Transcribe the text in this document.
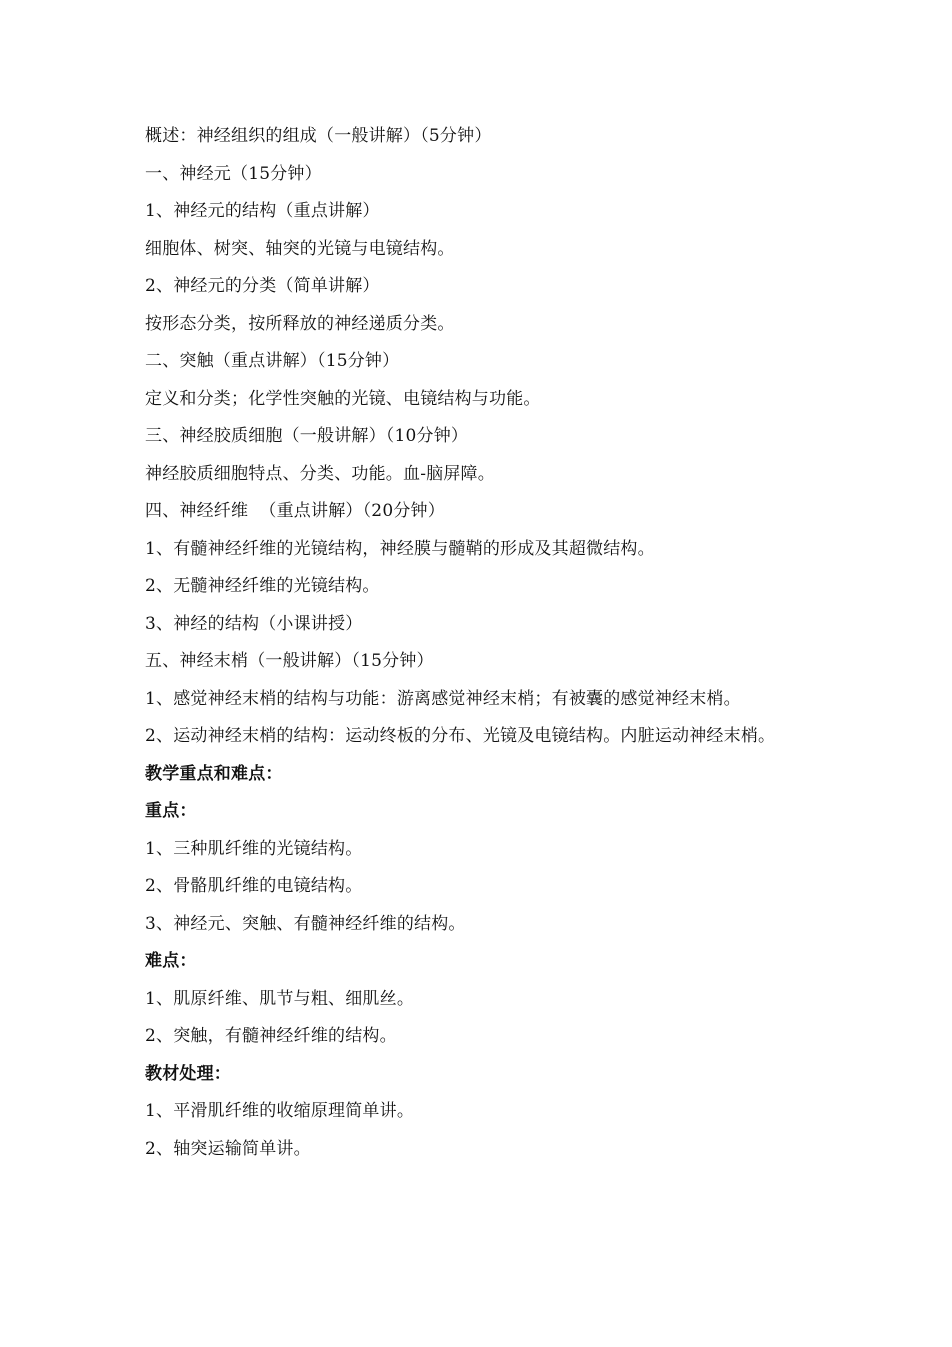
概述：神经组织的组成（一般讲解）（5分钟）
一、神经元（15分钟）
1、神经元的结构（重点讲解）
细胞体、树突、轴突的光镜与电镜结构。
2、神经元的分类（简单讲解）
按形态分类，按所释放的神经递质分类。
二、突触（重点讲解）（15分钟）
定义和分类；化学性突触的光镜、电镜结构与功能。
三、神经胶质细胞（一般讲解）（10分钟）
神经胶质细胞特点、分类、功能。血-脑屏障。
四、神经纤维  （重点讲解）（20分钟）
1、有髓神经纤维的光镜结构，神经膜与髓鞘的形成及其超微结构。
2、无髓神经纤维的光镜结构。
3、神经的结构（小课讲授）
五、神经末梢（一般讲解）（15分钟）
1、感觉神经末梢的结构与功能：游离感觉神经末梢；有被囊的感觉神经末梢。
2、运动神经末梢的结构：运动终板的分布、光镜及电镜结构。内脏运动神经末梢。
教学重点和难点：
重点：
1、三种肌纤维的光镜结构。
2、骨骼肌纤维的电镜结构。
3、神经元、突触、有髓神经纤维的结构。
难点：
1、肌原纤维、肌节与粗、细肌丝。
2、突触，有髓神经纤维的结构。
教材处理：
1、平滑肌纤维的收缩原理简单讲。
2、轴突运输简单讲。
